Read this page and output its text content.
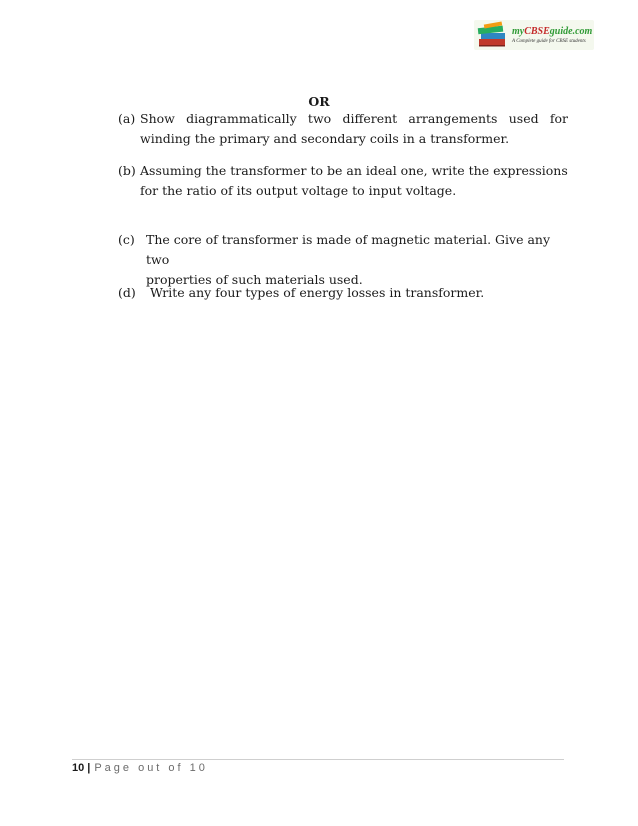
myCBSEguide.com
A Complete guide for CBSE students
OR
(a) Show diagrammatically two different arrangements used for
winding the primary and secondary coils in a transformer.
(b) Assuming the transformer to be an ideal one, write the expressions
for the ratio of its output voltage to input voltage.
(c) The core of transformer is made of magnetic material. Give any two
properties of such materials used.
(d) Write any four types of energy losses in transformer.
10 | Page out of 10
